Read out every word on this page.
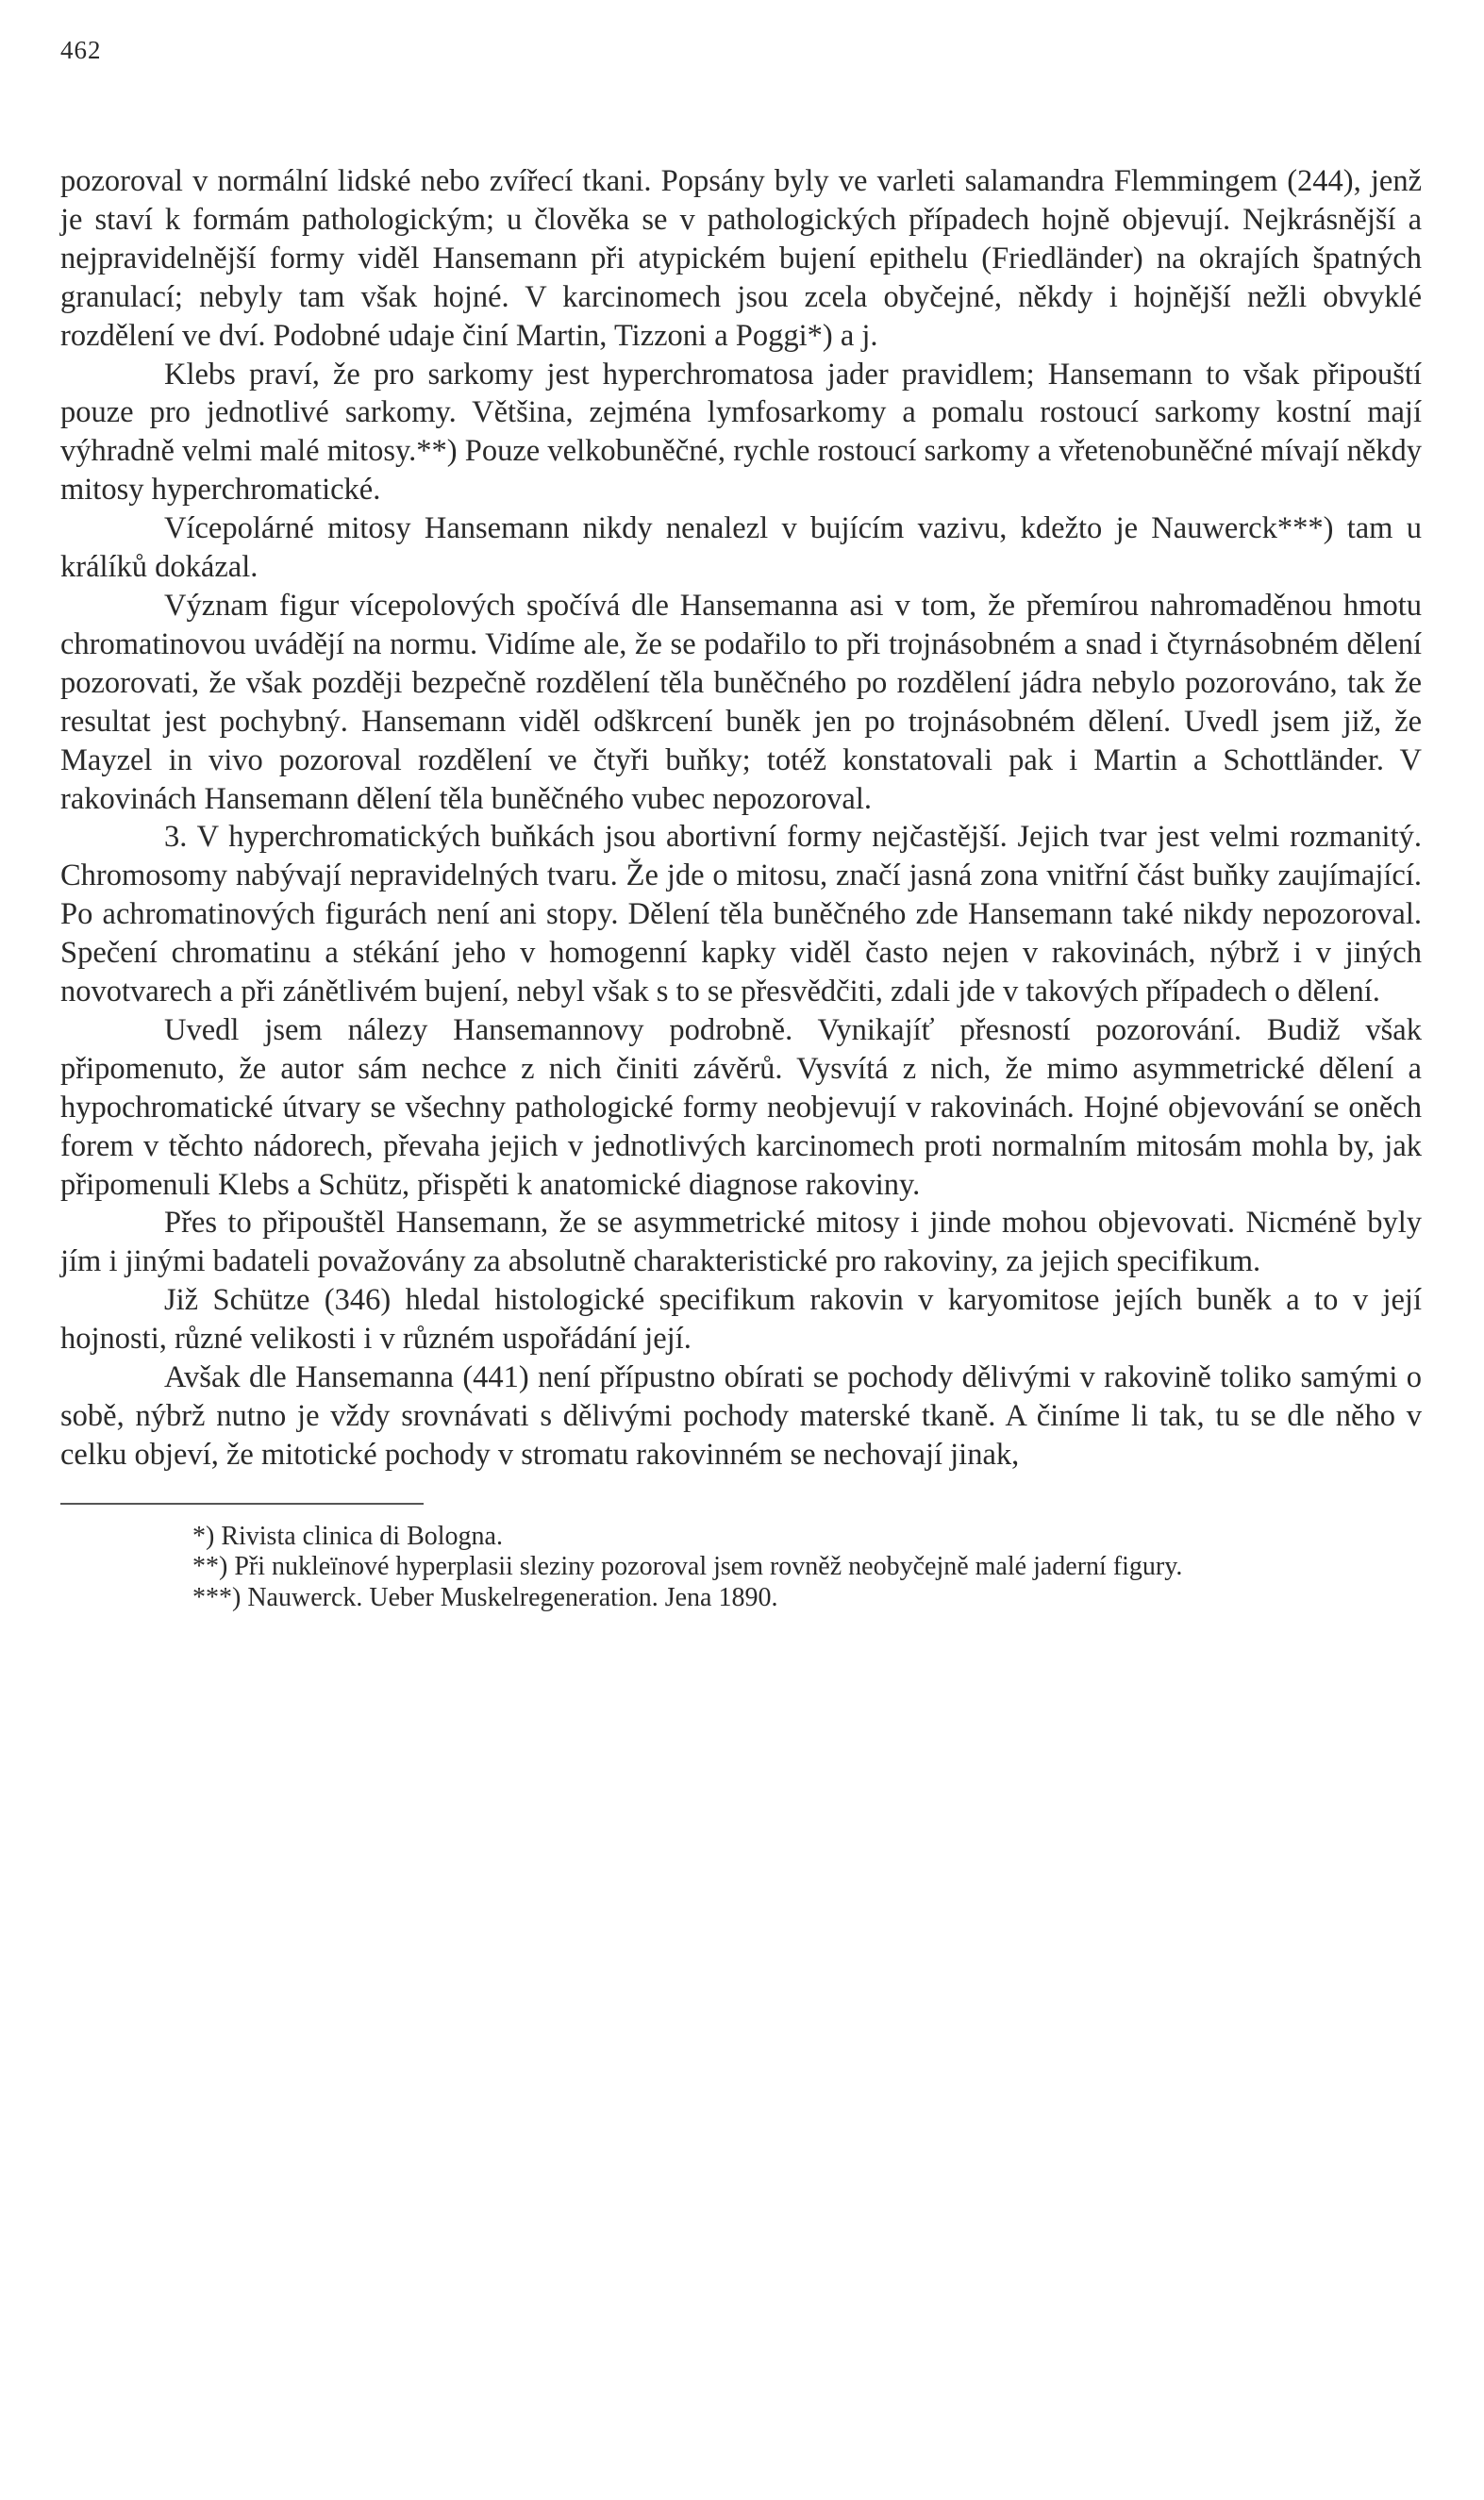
462

pozoroval v normální lidské nebo zvířecí tkani. Popsány byly ve varleti salamandra Flemmingem (244), jenž je staví k formám pathologickým; u člověka se v pathologických případech hojně objevují. Nejkrásnější a nejpravidelnější formy viděl Hansemann při atypickém bujení epithelu (Friedländer) na okrajích špatných granulací; nebyly tam však hojné. V karcinomech jsou zcela obyčejné, někdy i hojnější nežli obvyklé rozdělení ve dví. Podobné udaje činí Martin, Tizzoni a Poggi*) a j.

Klebs praví, že pro sarkomy jest hyperchromatosa jader pravidlem; Hansemann to však připouští pouze pro jednotlivé sarkomy. Většina, zejména lymfosarkomy a pomalu rostoucí sarkomy kostní mají výhradně velmi malé mitosy.**) Pouze velkobuněčné, rychle rostoucí sarkomy a vřetenobuněčné mívají někdy mitosy hyperchromatické.

Vícepolárné mitosy Hansemann nikdy nenalezl v bujícím vazivu, kdežto je Nauwerck***) tam u králíků dokázal.

Význam figur vícepolových spočívá dle Hansemanna asi v tom, že přemírou nahromaděnou hmotu chromatinovou uvádějí na normu. Vidíme ale, že se podařilo to při trojnásobném a snad i čtyrnásobném dělení pozorovati, že však později bezpečně rozdělení těla buněčného po rozdělení jádra nebylo pozorováno, tak že resultat jest pochybný. Hansemann viděl odškrcení buněk jen po trojnásobném dělení. Uvedl jsem již, že Mayzel in vivo pozoroval rozdělení ve čtyři buňky; totéž konstatovali pak i Martin a Schottländer. V rakovinách Hansemann dělení těla buněčného vubec nepozoroval.

3. V hyperchromatických buňkách jsou abortivní formy nejčastější. Jejich tvar jest velmi rozmanitý. Chromosomy nabývají nepravidelných tvaru. Že jde o mitosu, značí jasná zona vnitřní část buňky zaujímající. Po achromatinových figurách není ani stopy. Dělení těla buněčného zde Hansemann také nikdy nepozoroval. Spečení chromatinu a stékání jeho v homogenní kapky viděl často nejen v rakovinách, nýbrž i v jiných novotvarech a při zánětlivém bujení, nebyl však s to se přesvědčiti, zdali jde v takových případech o dělení.

Uvedl jsem nálezy Hansemannovy podrobně. Vynikajíť přesností pozorování. Budiž však připomenuto, že autor sám nechce z nich činiti závěrů. Vysvítá z nich, že mimo asymmetrické dělení a hypochromatické útvary se všechny pathologické formy neobjevují v rakovinách. Hojné objevování se oněch forem v těchto nádorech, převaha jejich v jednotlivých karcinomech proti normalním mitosám mohla by, jak připomenuli Klebs a Schütz, přispěti k anatomické diagnose rakoviny.

Přes to připouštěl Hansemann, že se asymmetrické mitosy i jinde mohou objevovati. Nicméně byly jím i jinými badateli považovány za absolutně charakteristické pro rakoviny, za jejich specifikum.

Již Schütze (346) hledal histologické specifikum rakovin v karyomitose jejích buněk a to v její hojnosti, různé velikosti i v různém uspořádání její.

Avšak dle Hansemanna (441) není přípustno obírati se pochody dělivými v rakovině toliko samými o sobě, nýbrž nutno je vždy srovnávati s dělivými pochody materské tkaně. A činíme li tak, tu se dle něho v celku objeví, že mitotické pochody v stromatu rakovinném se nechovají jinak,

*) Rivista clinica di Bologna.

**) Při nukleïnové hyperplasii sleziny pozoroval jsem rovněž neobyčejně malé jaderní figury.

***) Nauwerck. Ueber Muskelregeneration. Jena 1890.
